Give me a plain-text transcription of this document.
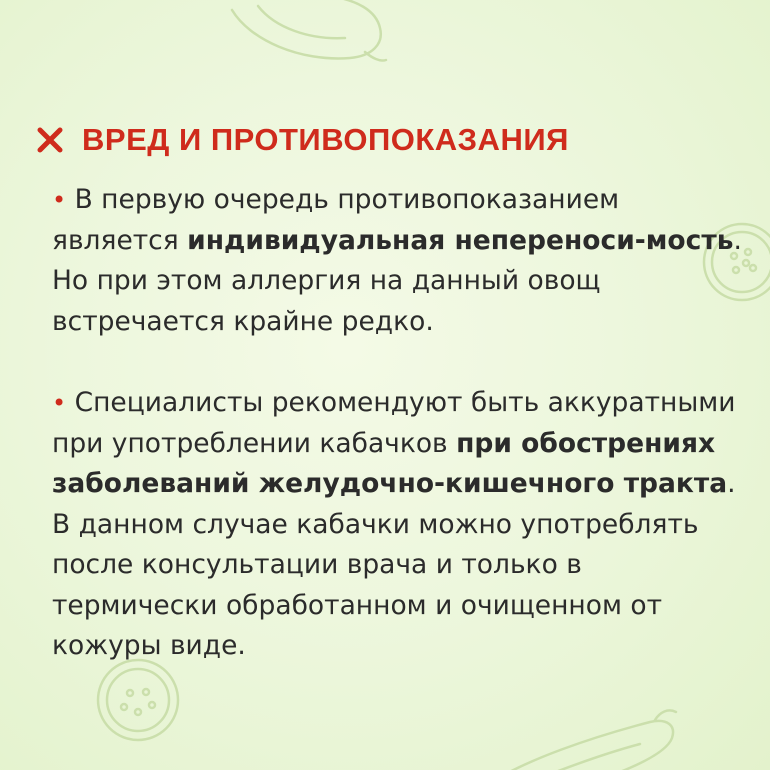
ВРЕД И ПРОТИВОПОКАЗАНИЯ

• В первую очередь противопоказанием является индивидуальная непереноси-мость. Но при этом аллергия на данный овощ встречается крайне редко.

• Специалисты рекомендуют быть аккуратными при употреблении кабачков при обострениях заболеваний желудочно-кишечного тракта. В данном случае кабачки можно употреблять после консультации врача и только в термически обработанном и очищенном от кожуры виде.
